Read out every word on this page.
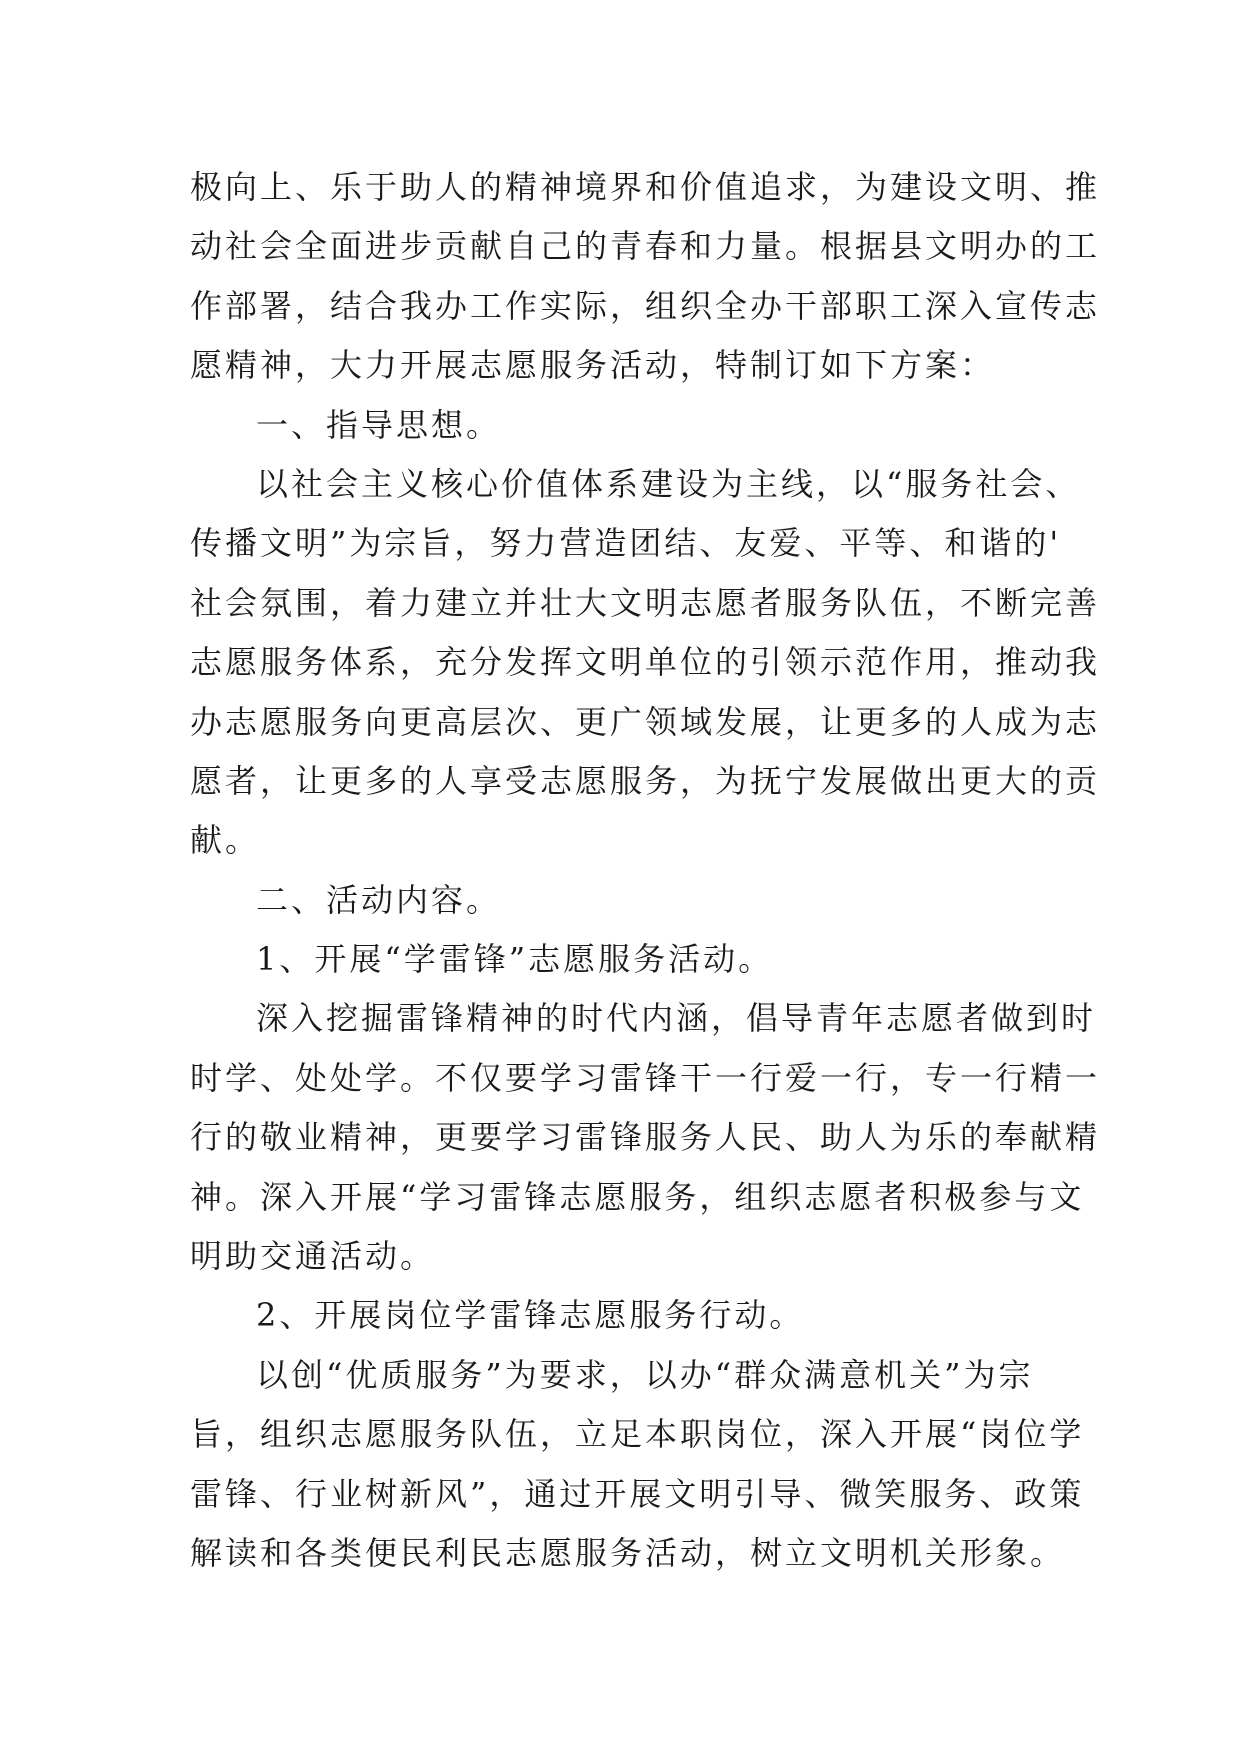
极向上、乐于助人的精神境界和价值追求，为建设文明、推
动社会全面进步贡献自己的青春和力量。根据县文明办的工
作部署，结合我办工作实际，组织全办干部职工深入宣传志
愿精神，大力开展志愿服务活动，特制订如下方案：
一、指导思想。
以社会主义核心价值体系建设为主线，以“服务社会、
传播文明”为宗旨，努力营造团结、友爱、平等、和谐的'
社会氛围，着力建立并壮大文明志愿者服务队伍，不断完善
志愿服务体系，充分发挥文明单位的引领示范作用，推动我
办志愿服务向更高层次、更广领域发展，让更多的人成为志
愿者，让更多的人享受志愿服务，为抚宁发展做出更大的贡
献。
二、活动内容。
1、开展“学雷锋”志愿服务活动。
深入挖掘雷锋精神的时代内涵，倡导青年志愿者做到时
时学、处处学。不仅要学习雷锋干一行爱一行，专一行精一
行的敬业精神，更要学习雷锋服务人民、助人为乐的奉献精
神。深入开展“学习雷锋志愿服务，组织志愿者积极参与文
明助交通活动。
2、开展岗位学雷锋志愿服务行动。
以创“优质服务”为要求，以办“群众满意机关”为宗
旨，组织志愿服务队伍，立足本职岗位，深入开展“岗位学
雷锋、行业树新风”，通过开展文明引导、微笑服务、政策
解读和各类便民利民志愿服务活动，树立文明机关形象。
